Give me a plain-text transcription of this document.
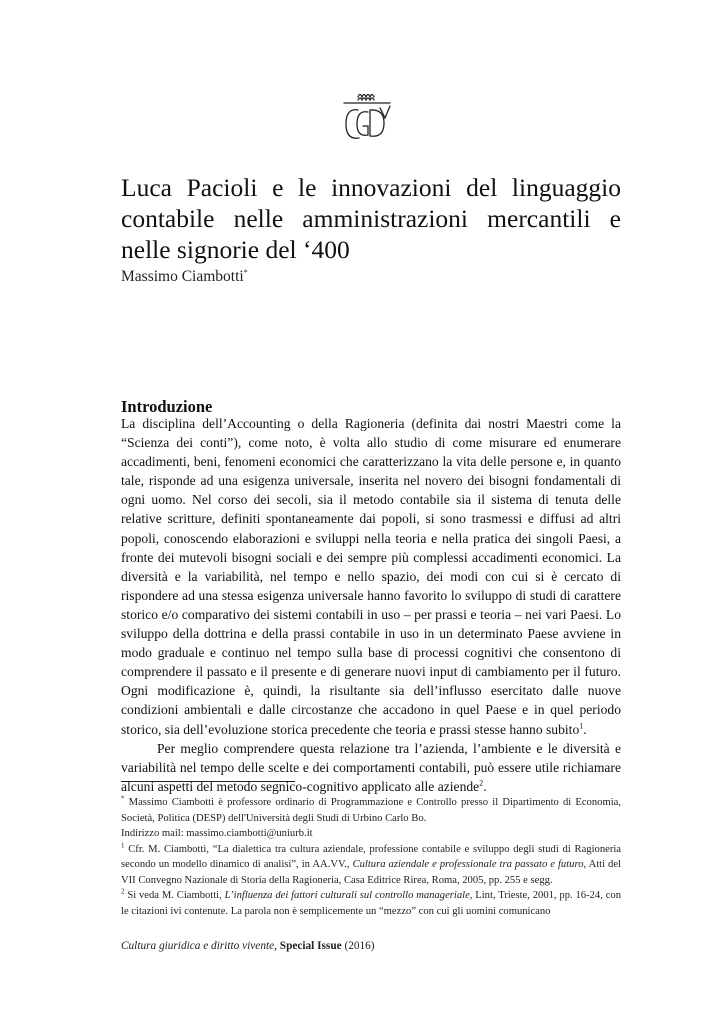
Luca Pacioli e le innovazioni del linguaggio contabile nelle amministrazioni mercantili e nelle signorie del ‘400
Massimo Ciambotti*
Introduzione

La disciplina dell’Accounting o della Ragioneria (definita dai nostri Maestri come la “Scienza dei conti”), come noto, è volta allo studio di come misurare ed enumerare accadimenti, beni, fenomeni economici che caratterizzano la vita delle persone e, in quanto tale, risponde ad una esigenza universale, inserita nel novero dei bisogni fondamentali di ogni uomo. Nel corso dei secoli, sia il metodo contabile sia il sistema di tenuta delle relative scritture, definiti spontaneamente dai popoli, si sono trasmessi e diffusi ad altri popoli, conoscendo elaborazioni e sviluppi nella teoria e nella pratica dei singoli Paesi, a fronte dei mutevoli bisogni sociali e dei sempre più complessi accadimenti economici. La diversità e la variabilità, nel tempo e nello spazio, dei modi con cui si è cercato di rispondere ad una stessa esigenza universale hanno favorito lo sviluppo di studi di carattere storico e/o comparativo dei sistemi contabili in uso – per prassi e teoria – nei vari Paesi. Lo sviluppo della dottrina e della prassi contabile in uso in un determinato Paese avviene in modo graduale e continuo nel tempo sulla base di processi cognitivi che consentono di comprendere il passato e il presente e di generare nuovi input di cambiamento per il futuro. Ogni modificazione è, quindi, la risultante sia dell’influsso esercitato dalle nuove condizioni ambientali e dalle circostanze che accadono in quel Paese e in quel periodo storico, sia dell’evoluzione storica precedente che teoria e prassi stesse hanno subito$^1$.

Per meglio comprendere questa relazione tra l’azienda, l’ambiente e le diversità e variabilità nel tempo delle scelte e dei comportamenti contabili, può essere utile richiamare alcuni aspetti del metodo segnico-cognitivo applicato alle aziende$^2$.

* Massimo Ciambotti è professore ordinario di Programmazione e Controllo presso il Dipartimento di Economia, Società, Politica (DESP) dell'Università degli Studi di Urbino Carlo Bo.

Indirizzo mail: massimo.ciambotti@uniurb.it

$^1$ Cfr. M. Ciambotti, “La dialettica tra cultura aziendale, professione contabile e sviluppo degli studi di Ragioneria secondo un modello dinamico di analisi”, in AA.VV., Cultura aziendale e professionale tra passato e futuro, Atti del VII Convegno Nazionale di Storia della Ragioneria, Casa Editrice Rirea, Roma, 2005, pp. 255 e segg.

$^2$ Si veda M. Ciambotti, L’influenza dei fattori culturali sul controllo manageriale, Lint, Trieste, 2001, pp. 16-24, con le citazioni ivi contenute. La parola non è semplicemente un “mezzo” con cui gli uomini comunicano

Cultura giuridica e diritto vivente, Special Issue (2016)
